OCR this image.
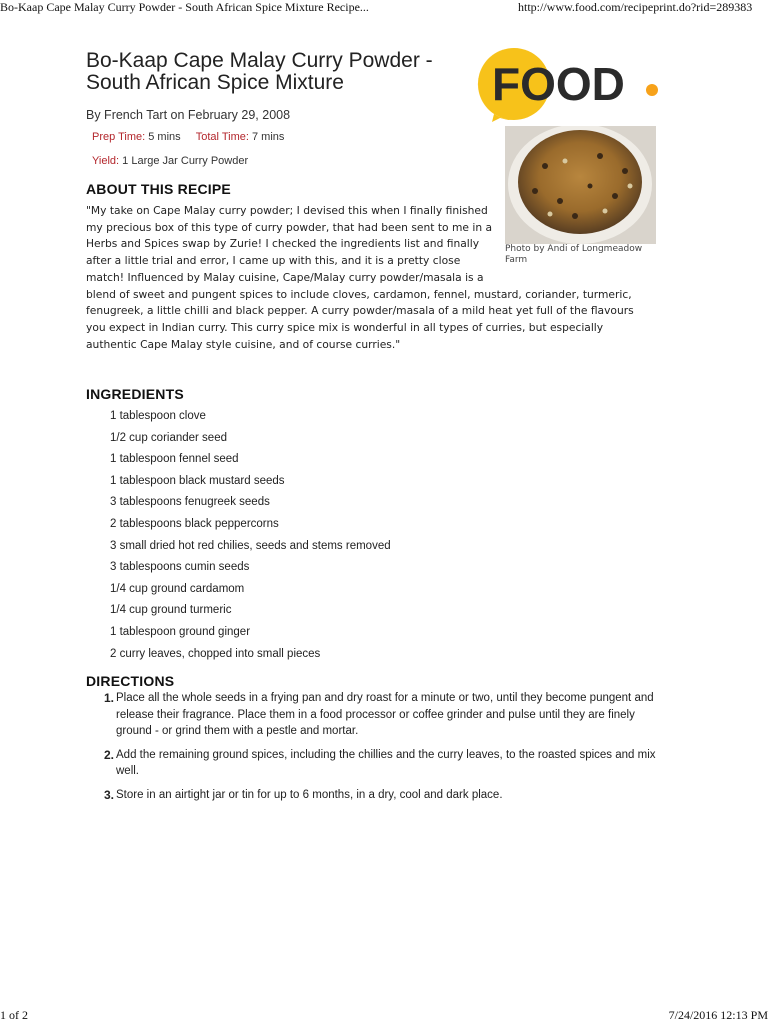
Bo-Kaap Cape Malay Curry Powder - South African Spice Mixture Recipe...	http://www.food.com/recipeprint.do?rid=289383
Bo-Kaap Cape Malay Curry Powder - South African Spice Mixture
By French Tart on February 29, 2008
Prep Time: 5 mins Total Time: 7 mins
Yield: 1 Large Jar Curry Powder
FOOD
Photo by Andi of Longmeadow Farm
ABOUT THIS RECIPE

"My take on Cape Malay curry powder; I devised this when I finally finished my precious box of this type of curry powder, that had been sent to me in a Herbs and Spices swap by Zurie! I checked the ingredients list and finally after a little trial and error, I came up with this, and it is a pretty close match! Influenced by Malay cuisine, Cape/Malay curry powder/masala is a blend of sweet and pungent spices to include cloves, cardamon, fennel, mustard, coriander, turmeric, fenugreek, a little chilli and black pepper. A curry powder/masala of a mild heat yet full of the flavours you expect in Indian curry. This curry spice mix is wonderful in all types of curries, but especially authentic Cape Malay style cuisine, and of course curries."

INGREDIENTS
1 tablespoon clove
1/2 cup coriander seed
1 tablespoon fennel seed
1 tablespoon black mustard seeds
3 tablespoons fenugreek seeds
2 tablespoons black peppercorns
3 small dried hot red chilies, seeds and stems removed
3 tablespoons cumin seeds
1/4 cup ground cardamom
1/4 cup ground turmeric
1 tablespoon ground ginger
2 curry leaves, chopped into small pieces
DIRECTIONS
1. Place all the whole seeds in a frying pan and dry roast for a minute or two, until they become pungent and release their fragrance. Place them in a food processor or coffee grinder and pulse until they are finely ground - or grind them with a pestle and mortar.
2. Add the remaining ground spices, including the chillies and the curry leaves, to the roasted spices and mix well.
3. Store in an airtight jar or tin for up to 6 months, in a dry, cool and dark place.
1 of 2	7/24/2016 12:13 PM
